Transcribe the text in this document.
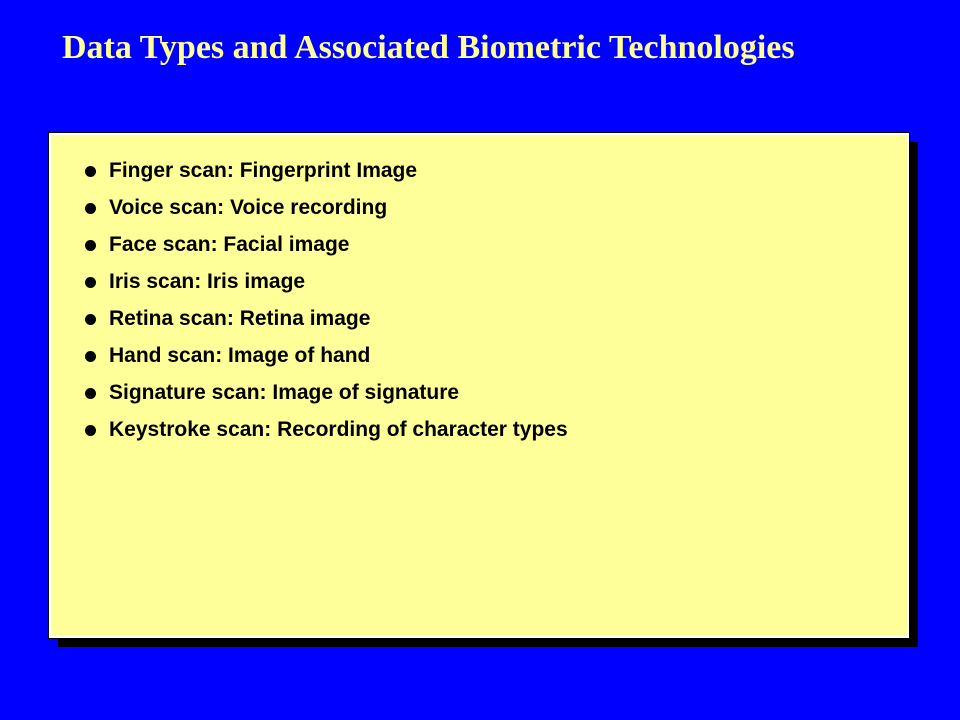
Data Types and Associated Biometric Technologies
Finger scan: Fingerprint Image
Voice scan: Voice recording
Face scan: Facial image
Iris scan: Iris image
Retina scan: Retina image
Hand scan: Image of hand
Signature scan: Image of signature
Keystroke scan: Recording of character types
